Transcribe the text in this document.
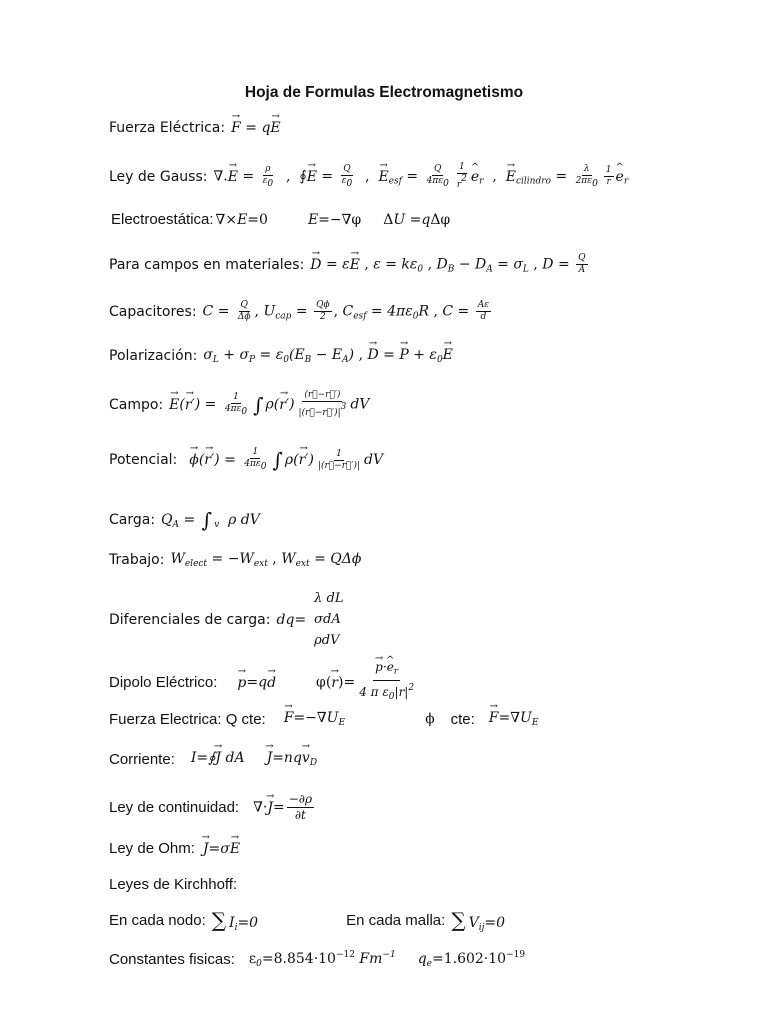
Hoja de Formulas Electromagnetismo
Fuerza Eléctrica:
→ F = q→ E
Ley de Gauss: ∇.→ $E = \frac{\rho}{\varepsilon_0}$ ,  ∮→ $E = \frac{Q}{\varepsilon_0}$ ,  → $E_{esf} = \frac{Q}{4\pi\varepsilon_0} \frac{1}{r^2}$
^ $e_r$  ,  → $E_{cilindro} = \frac{\lambda}{2\pi\varepsilon_0} \frac{1}{r}$
^ $e_r$
Electroestática: ∇×E=0	E=−∇φ ΔU =qΔφ
Para campos en materiales:
→ D = ε→ E , $\varepsilon = k\varepsilon_0$ , $D_B - D_A = \sigma_L$ , $D = \frac{Q}{A}$
Capacitores: $C = \frac{Q}{\Delta\phi}$ , $U_{cap} = \frac{Q\phi}{2}$ , $C_{esf} = 4\pi\varepsilon_0R$ , $C = \frac{A\varepsilon}{d}$
Polarización: $\sigma_L + \sigma_P = \varepsilon_0(E_B - E_A)$ , → D = → $P + \varepsilon_0\to E$
Campo:
→ $E(\to r') = \frac{1}{4\pi\varepsilon_0}$ ∫ $\rho(\to r') \frac{(r⃗-r⃗')}{|(r⃗-r⃗')|^3}$ dV
Potencial:
→ $\phi(\to r') = \frac{1}{4\pi\varepsilon_0}$ ∫ $\rho(\to r') \frac{1}{|(r⃗-r⃗')|}$ dV
Carga: $Q_A$ = ∫ $_v$  ρ dV
Trabajo: $W_{elect} = -W_{ext}$ , $W_{ext} = Q\Delta\phi$
Diferenciales de carga: dq=
λ dL
σdA
ρdV
Dipolo Eléctrico:
→ p=q→ d	φ(→ r)=
→ $\frac{p\cdot\^{} e_r}{4 \pi \varepsilon_0|r|^2}$
Fuerza Electrica: Q cte:
→ $F=-\nabla U_E$	ϕ cte:
→ $F=\nabla U_E$
Corriente: I=∮→ J $dA\to J=nq\to v_D$
Ley de continuidad: ∇·→ $J= \frac{-\partial\rho}{\partial t}$
Ley de Ohm:
→ J=σ→ E
Leyes de Kirchhoff:
En cada nodo: ∑ $I_i=0$	En cada malla: ∑ $V_{ij}=0$
Constantes fisicas: $\varepsilon_0=8.854\cdot 10^{-12}$ $Fm^{-1}$ $q_e=1.602\cdot 10^{-19}$
